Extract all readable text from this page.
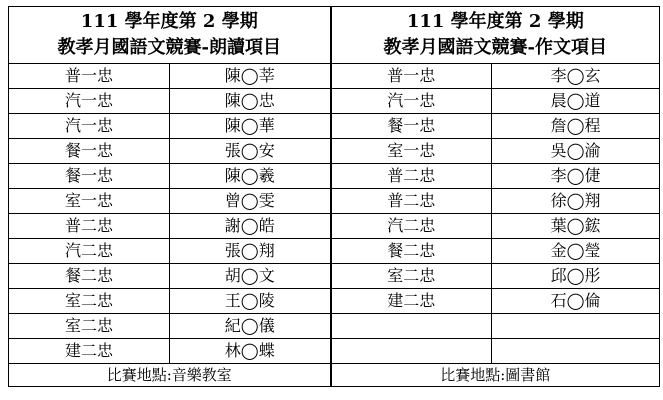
111 學年度第 2 學期
教孝月國語文競賽-朗讀項目		111 學年度第 2 學期
教孝月國語文競賽-作文項目	

普一忠	陳◯莘	普一忠	李◯玄
汽一忠	陳◯忠	汽一忠	晨◯道
汽一忠	陳◯華	餐一忠	詹◯程
餐一忠	張◯安	室一忠	吳◯渝
餐一忠	陳◯羲	普二忠	李◯倢
室一忠	曾◯雯	普二忠	徐◯翔
普二忠	謝◯皓	汽二忠	葉◯鋐
汽二忠	張◯翔	餐二忠	金◯瑩
餐二忠	胡◯文	室二忠	邱◯彤
室二忠	王◯陵	建二忠	石◯倫
室二忠	紀◯儀		
建二忠	林◯蝶		
比賽地點:音樂教室		比賽地點:圖書館	
